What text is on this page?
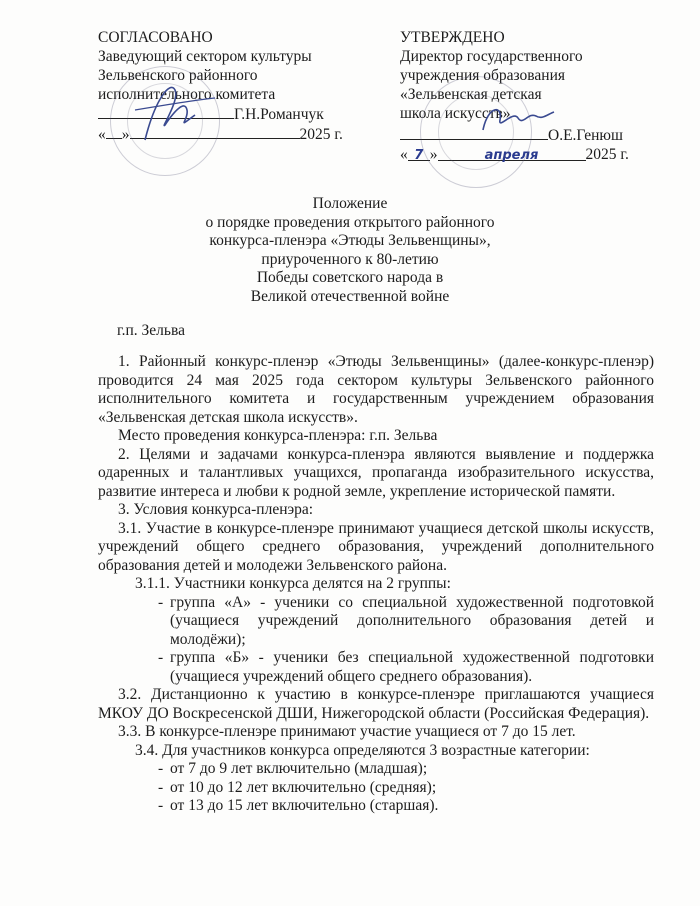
СОГЛАСОВАНО
Заведующий сектором культуры
Зельвенского районного
исполнительного комитета
Г.Н.Романчук
« »	2025 г.
УТВЕРЖДЕНО
Директор государственного
учреждения образования
«Зельвенская детская
школа искусств»
О.Е.Генюш
« 7 »	апреля	2025 г.
Положение
о порядке проведения открытого районного
конкурса-пленэра «Этюды Зельвенщины»,
приуроченного к 80-летию
Победы советского народа в
Великой отечественной войне
г.п. Зельва

1. Районный конкурс-пленэр «Этюды Зельвенщины» (далее-конкурс-пленэр) проводится 24 мая 2025 года сектором культуры Зельвенского районного исполнительного комитета и государственным учреждением образования «Зельвенская детская школа искусств».

Место проведения конкурса-пленэра: г.п. Зельва

2. Целями и задачами конкурса-пленэра являются выявление и поддержка одаренных и талантливых учащихся, пропаганда изобразительного искусства, развитие интереса и любви к родной земле, укрепление исторической памяти.

3. Условия конкурса-пленэра:

3.1. Участие в конкурсе-пленэре принимают учащиеся детской школы искусств, учреждений общего среднего образования, учреждений дополнительного образования детей и молодежи Зельвенского района.

3.1.1. Участники конкурса делятся на 2 группы:

- группа «А» - ученики со специальной художественной подготовкой (учащиеся учреждений дополнительного образования детей и молодёжи);

- группа «Б» - ученики без специальной художественной подготовки (учащиеся учреждений общего среднего образования).

3.2. Дистанционно к участию в конкурсе-пленэре приглашаются учащиеся МКОУ ДО Воскресенской ДШИ, Нижегородской области (Российская Федерация).

3.3. В конкурсе-пленэре принимают участие учащиеся от 7 до 15 лет.

3.4. Для участников конкурса определяются 3 возрастные категории:

- от 7 до 9 лет включительно (младшая);

- от 10 до 12 лет включительно (средняя);

- от 13 до 15 лет включительно (старшая).
